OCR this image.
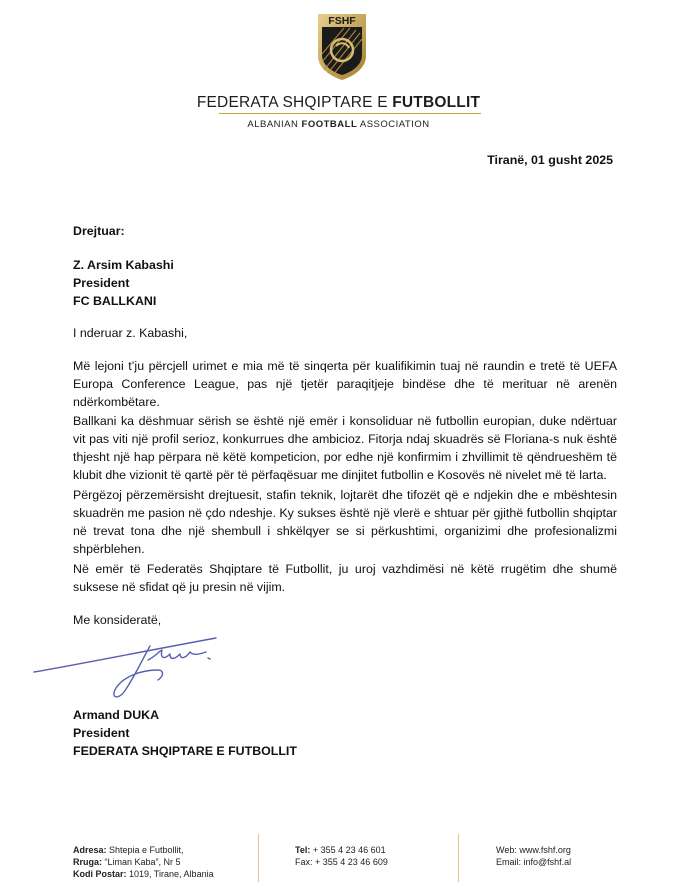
FSHF
FEDERATA SHQIPTARE E FUTBOLLIT
ALBANIAN FOOTBALL ASSOCIATION
Tiranë, 01 gusht 2025
Drejtuar:
Z. Arsim Kabashi
President
FC BALLKANI
I nderuar z. Kabashi,
Më lejoni t’ju përcjell urimet e mia më të sinqerta për kualifikimin tuaj në raundin e tretë të UEFA Europa Conference League, pas një tjetër paraqitjeje bindëse dhe të merituar në arenën ndërkombëtare.
Ballkani ka dëshmuar sërish se është një emër i konsoliduar në futbollin europian, duke ndërtuar vit pas viti një profil serioz, konkurrues dhe ambicioz. Fitorja ndaj skuadrës së Floriana-s nuk është thjesht një hap përpara në këtë kompeticion, por edhe një konfirmim i zhvillimit të qëndrueshëm të klubit dhe vizionit të qartë për të përfaqësuar me dinjitet futbollin e Kosovës në nivelet më të larta.
Përgëzoj përzemërsisht drejtuesit, stafin teknik, lojtarët dhe tifozët që e ndjekin dhe e mbështesin skuadrën me pasion në çdo ndeshje. Ky sukses është një vlerë e shtuar për gjithë futbollin shqiptar në trevat tona dhe një shembull i shkëlqyer se si përkushtimi, organizimi dhe profesionalizmi shpërblehen.
Në emër të Federatës Shqiptare të Futbollit, ju uroj vazhdimësi në këtë rrugëtim dhe shumë suksese në sfidat që ju presin në vijim.
Me konsideratë,
Armand DUKA
President
FEDERATA SHQIPTARE E FUTBOLLIT
Adresa: Shtepia e Futbollit,
Rruga: “Liman Kaba”, Nr 5
Kodi Postar: 1019, Tirane, Albania
Tel: + 355 4 23 46 601
Fax: + 355 4 23 46 609
Web: www.fshf.org
Email: info@fshf.al
